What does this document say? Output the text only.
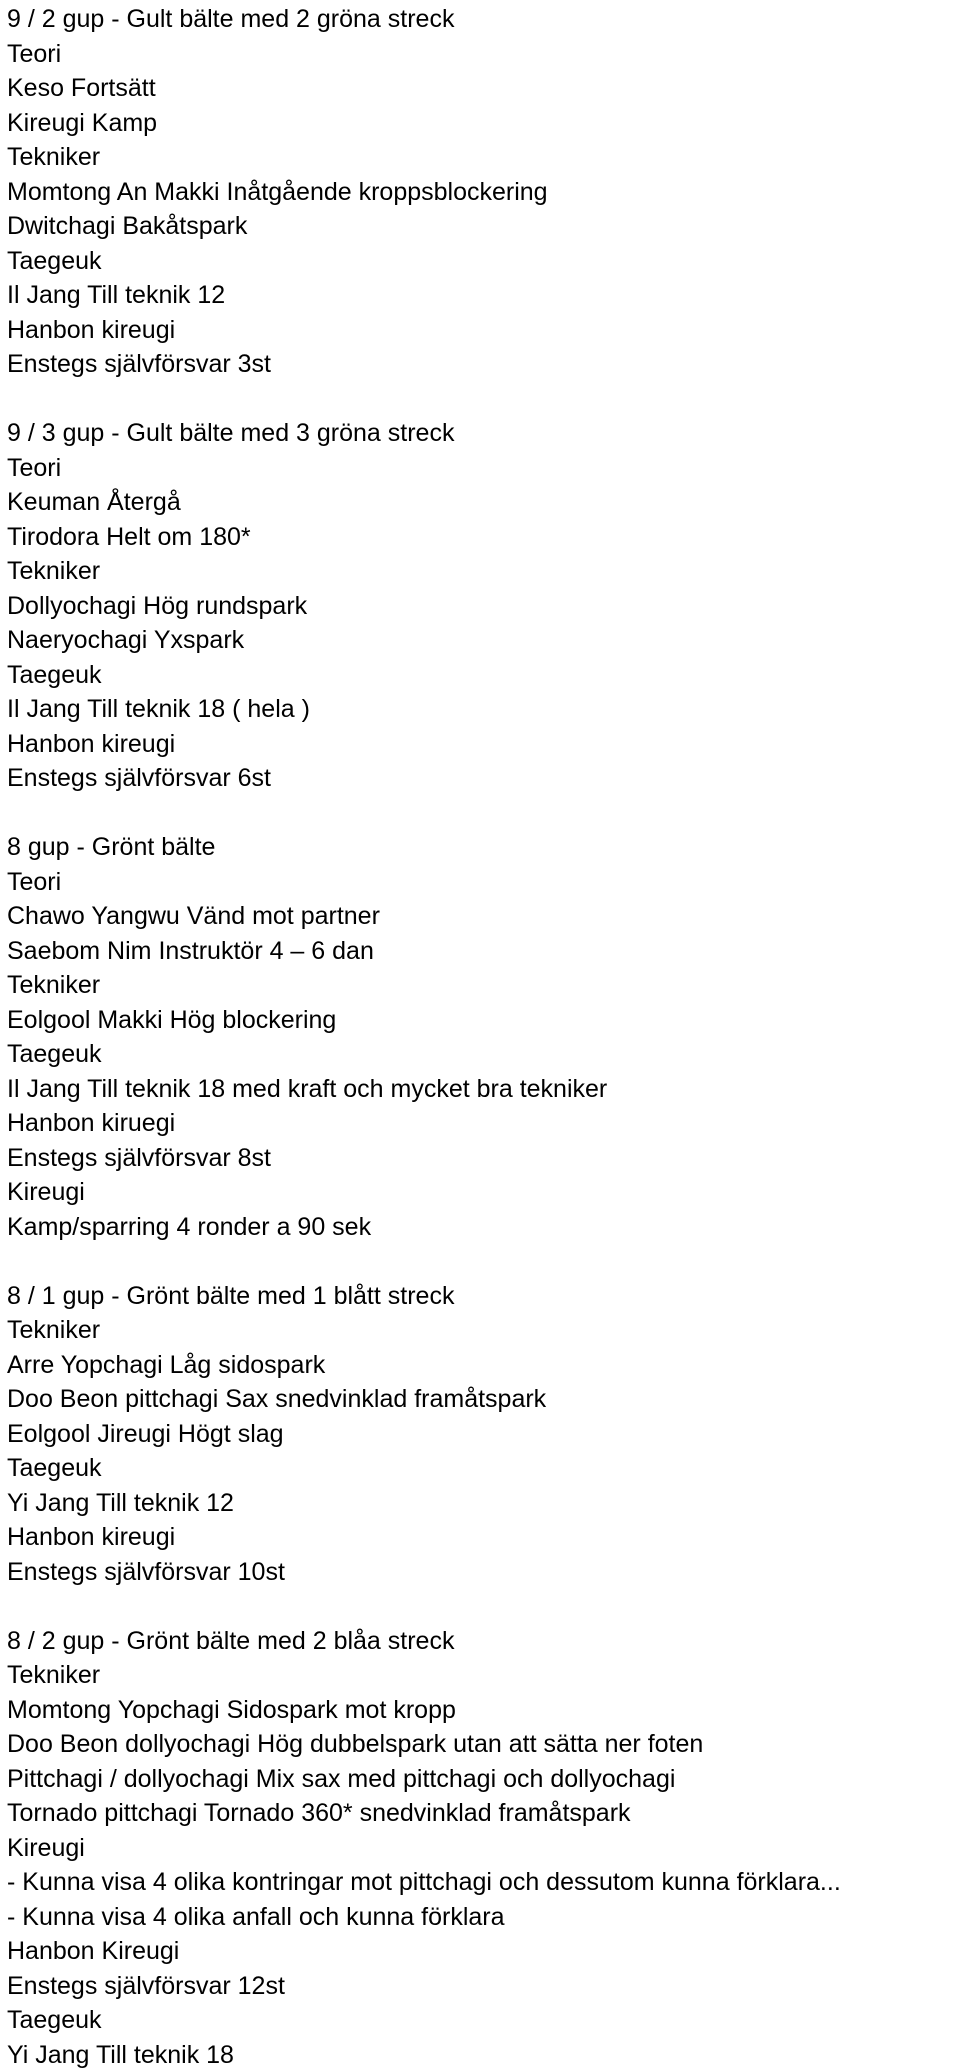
9 / 2 gup - Gult bälte med 2 gröna streck
Teori
Keso Fortsätt
Kireugi Kamp
Tekniker
Momtong An Makki Inåtgående kroppsblockering
Dwitchagi Bakåtspark
Taegeuk
Il Jang Till teknik 12
Hanbon kireugi
Enstegs självförsvar 3st
9 / 3 gup - Gult bälte med 3 gröna streck
Teori
Keuman Återgå
Tirodora Helt om 180*
Tekniker
Dollyochagi Hög rundspark
Naeryochagi Yxspark
Taegeuk
Il Jang Till teknik 18 ( hela )
Hanbon kireugi
Enstegs självförsvar 6st
8 gup - Grönt bälte
Teori
Chawo Yangwu Vänd mot partner
Saebom Nim Instruktör 4 – 6 dan
Tekniker
Eolgool Makki Hög blockering
Taegeuk
Il Jang Till teknik 18 med kraft och mycket bra tekniker
Hanbon kiruegi
Enstegs självförsvar 8st
Kireugi
Kamp/sparring 4 ronder a 90 sek
8 / 1 gup - Grönt bälte med 1 blått streck
Tekniker
Arre Yopchagi Låg sidospark
Doo Beon pittchagi Sax snedvinklad framåtspark
Eolgool Jireugi Högt slag
Taegeuk
Yi Jang Till teknik 12
Hanbon kireugi
Enstegs självförsvar 10st
8 / 2 gup - Grönt bälte med 2 blåa streck
Tekniker
Momtong Yopchagi Sidospark mot kropp
Doo Beon dollyochagi Hög dubbelspark utan att sätta ner foten
Pittchagi / dollyochagi Mix sax med pittchagi och dollyochagi
Tornado pittchagi Tornado 360* snedvinklad framåtspark
Kireugi
- Kunna visa 4 olika kontringar mot pittchagi och dessutom kunna förklara...
- Kunna visa 4 olika anfall och kunna förklara
Hanbon Kireugi
Enstegs självförsvar 12st
Taegeuk
Yi Jang Till teknik 18
